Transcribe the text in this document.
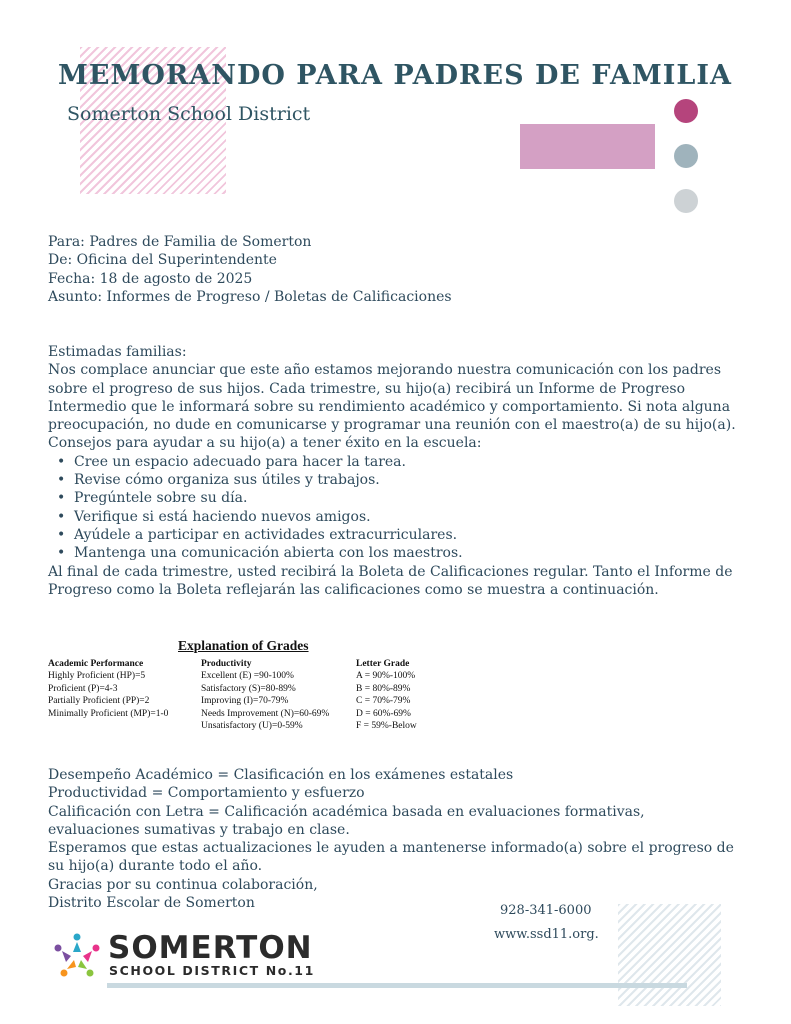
MEMORANDO PARA PADRES DE FAMILIA
Somerton School District
Para: Padres de Familia de Somerton
De: Oficina del Superintendente
Fecha: 18 de agosto de 2025
Asunto: Informes de Progreso / Boletas de Calificaciones

Estimadas familias:

Nos complace anunciar que este año estamos mejorando nuestra comunicación con los padres sobre el progreso de sus hijos. Cada trimestre, su hijo(a) recibirá un Informe de Progreso Intermedio que le informará sobre su rendimiento académico y comportamiento. Si nota alguna preocupación, no dude en comunicarse y programar una reunión con el maestro(a) de su hijo(a).

Consejos para ayudar a su hijo(a) a tener éxito en la escuela:

• Cree un espacio adecuado para hacer la tarea.
• Revise cómo organiza sus útiles y trabajos.
• Pregúntele sobre su día.
• Verifique si está haciendo nuevos amigos.
• Ayúdele a participar en actividades extracurriculares.
• Mantenga una comunicación abierta con los maestros.

Al final de cada trimestre, usted recibirá la Boleta de Calificaciones regular. Tanto el Informe de Progreso como la Boleta reflejarán las calificaciones como se muestra a continuación.

Explanation of Grades
Academic Performance
Highly Proficient (HP)=5
Proficient (P)=4-3
Partially Proficient (PP)=2
Minimally Proficient (MP)=1-0
Productivity
Excellent (E) =90-100%
Satisfactory (S)=80-89%
Improving (I)=70-79%
Needs Improvement (N)=60-69%
Unsatisfactory (U)=0-59%
Letter Grade
A = 90%-100%
B = 80%-89%
C = 70%-79%
D = 60%-69%
F = 59%-Below

Desempeño Académico = Clasificación en los exámenes estatales

Productividad = Comportamiento y esfuerzo

Calificación con Letra = Calificación académica basada en evaluaciones formativas, evaluaciones sumativas y trabajo en clase.

Esperamos que estas actualizaciones le ayuden a mantenerse informado(a) sobre el progreso de su hijo(a) durante todo el año.

Gracias por su continua colaboración,

Distrito Escolar de Somerton	928-341-6000
www.ssd11.org.
SOMERTON
SCHOOL DISTRICT No.11
